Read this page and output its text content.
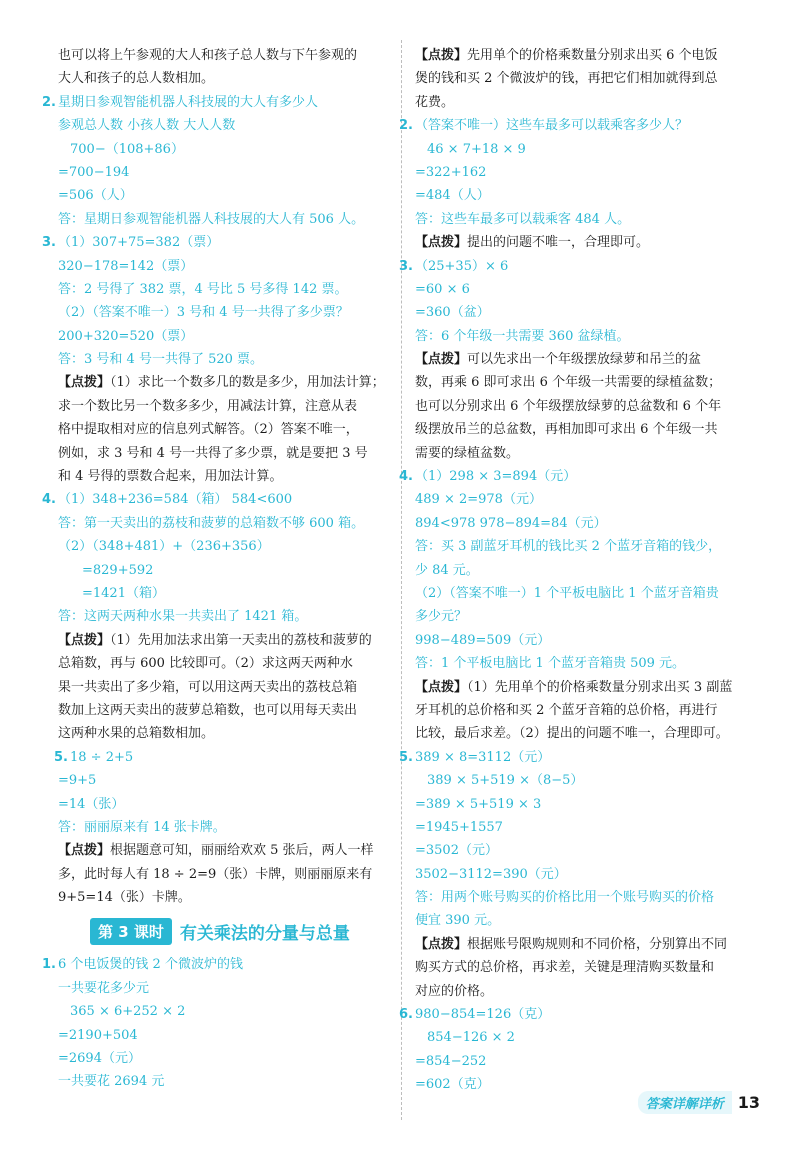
也可以将上午参观的大人和孩子总人数与下午参观的
大人和孩子的总人数相加。
2. 星期日参观智能机器人科技展的大人有多少人
参观总人数 小孩人数 大人人数
700−（108+86）
=700−194
=506（人）
答：星期日参观智能机器人科技展的大人有 506 人。
3. （1）307+75=382（票）
320−178=142（票）
答：2 号得了 382 票，4 号比 5 号多得 142 票。
（2）（答案不唯一）3 号和 4 号一共得了多少票？
200+320=520（票）
答：3 号和 4 号一共得了 520 票。
【点拨】（1）求比一个数多几的数是多少，用加法计算；
求一个数比另一个数多多少，用减法计算，注意从表
格中提取相对应的信息列式解答。（2）答案不唯一，
例如，求 3 号和 4 号一共得了多少票，就是要把 3 号
和 4 号得的票数合起来，用加法计算。
4. （1）348+236=584（箱） 584<600
答：第一天卖出的荔枝和菠萝的总箱数不够 600 箱。
（2）（348+481）+（236+356）
=829+592
=1421（箱）
答：这两天两种水果一共卖出了 1421 箱。
【点拨】（1）先用加法求出第一天卖出的荔枝和菠萝的
总箱数，再与 600 比较即可。（2）求这两天两种水
果一共卖出了多少箱，可以用这两天卖出的荔枝总箱
数加上这两天卖出的菠萝总箱数，也可以用每天卖出
这两种水果的总箱数相加。
5. 18 ÷ 2+5
=9+5
=14（张）
答：丽丽原来有 14 张卡牌。
【点拨】根据题意可知，丽丽给欢欢 5 张后，两人一样
多，此时每人有 18 ÷ 2=9（张）卡牌，则丽丽原来有
9+5=14（张）卡牌。
第 3 课时 有关乘法的分量与总量
1. 6 个电饭煲的钱 2 个微波炉的钱
一共要花多少元
365 × 6+252 × 2
=2190+504
=2694（元）
一共要花 2694 元
【点拨】先用单个的价格乘数量分别求出买 6 个电饭
煲的钱和买 2 个微波炉的钱，再把它们相加就得到总
花费。
2. （答案不唯一）这些车最多可以载乘客多少人？
46 × 7+18 × 9
=322+162
=484（人）
答：这些车最多可以载乘客 484 人。
【点拨】提出的问题不唯一，合理即可。
3. （25+35）× 6
=60 × 6
=360（盆）
答：6 个年级一共需要 360 盆绿植。
【点拨】可以先求出一个年级摆放绿萝和吊兰的盆
数，再乘 6 即可求出 6 个年级一共需要的绿植盆数；
也可以分别求出 6 个年级摆放绿萝的总盆数和 6 个年
级摆放吊兰的总盆数，再相加即可求出 6 个年级一共
需要的绿植盆数。
4. （1）298 × 3=894（元）
489 × 2=978（元）
894<978 978−894=84（元）
答：买 3 副蓝牙耳机的钱比买 2 个蓝牙音箱的钱少，
少 84 元。
（2）（答案不唯一）1 个平板电脑比 1 个蓝牙音箱贵
多少元？
998−489=509（元）
答：1 个平板电脑比 1 个蓝牙音箱贵 509 元。
【点拨】（1）先用单个的价格乘数量分别求出买 3 副蓝
牙耳机的总价格和买 2 个蓝牙音箱的总价格，再进行
比较，最后求差。（2）提出的问题不唯一，合理即可。
5. 389 × 8=3112（元）
389 × 5+519 ×（8−5）
=389 × 5+519 × 3
=1945+1557
=3502（元）
3502−3112=390（元）
答：用两个账号购买的价格比用一个账号购买的价格
便宜 390 元。
【点拨】根据账号限购规则和不同价格，分别算出不同
购买方式的总价格，再求差，关键是理清购买数量和
对应的价格。
6. 980−854=126（克）
854−126 × 2
=854−252
=602（克）
答案详解详析 13
